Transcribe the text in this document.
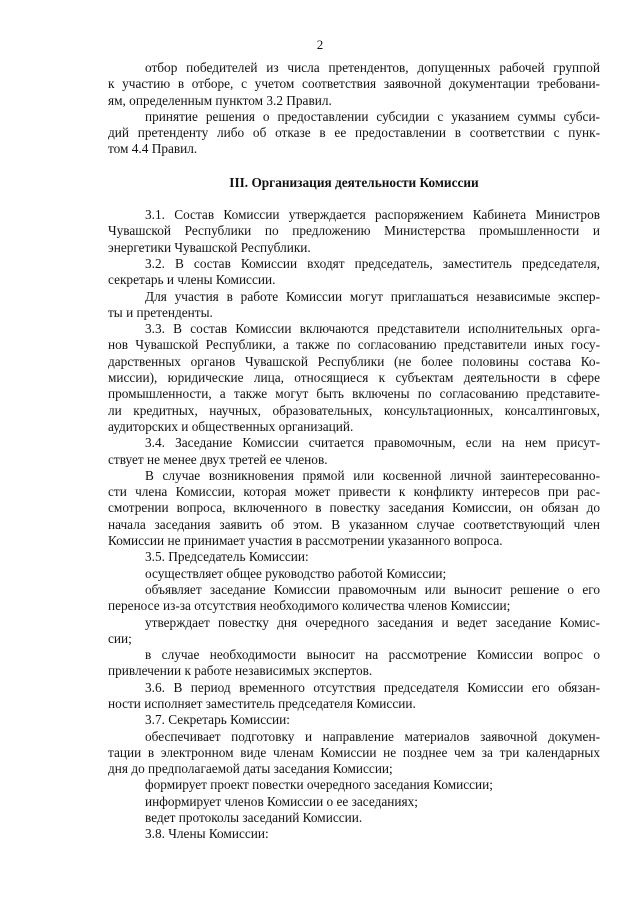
2
отбор победителей из числа претендентов, допущенных рабочей группой
к участию в отборе, с учетом соответствия заявочной документации требовани-
ям, определенным пунктом 3.2 Правил.
принятие решения о предоставлении субсидии с указанием суммы субси-
дий претенденту либо об отказе в ее предоставлении в соответствии с пунк-
том 4.4 Правил.
III. Организация деятельности Комиссии
3.1. Состав Комиссии утверждается распоряжением Кабинета Министров
Чувашской Республики по предложению Министерства промышленности и
энергетики Чувашской Республики.
3.2. В состав Комиссии входят председатель, заместитель председателя,
секретарь и члены Комиссии.
Для участия в работе Комиссии могут приглашаться независимые экспер-
ты и претенденты.
3.3. В состав Комиссии включаются представители исполнительных орга-
нов Чувашской Республики, а также по согласованию представители иных госу-
дарственных органов Чувашской Республики (не более половины состава Ко-
миссии), юридические лица, относящиеся к субъектам деятельности в сфере
промышленности, а также могут быть включены по согласованию представите-
ли кредитных, научных, образовательных, консультационных, консалтинговых,
аудиторских и общественных организаций.
3.4. Заседание Комиссии считается правомочным, если на нем присут-
ствует не менее двух третей ее членов.
В случае возникновения прямой или косвенной личной заинтересованно-
сти члена Комиссии, которая может привести к конфликту интересов при рас-
смотрении вопроса, включенного в повестку заседания Комиссии, он обязан до
начала заседания заявить об этом. В указанном случае соответствующий член
Комиссии не принимает участия в рассмотрении указанного вопроса.
3.5. Председатель Комиссии:
осуществляет общее руководство работой Комиссии;
объявляет заседание Комиссии правомочным или выносит решение о его
переносе из-за отсутствия необходимого количества членов Комиссии;
утверждает повестку дня очередного заседания и ведет заседание Комис-
сии;
в случае необходимости выносит на рассмотрение Комиссии вопрос о
привлечении к работе независимых экспертов.
3.6. В период временного отсутствия председателя Комиссии его обязан-
ности исполняет заместитель председателя Комиссии.
3.7. Секретарь Комиссии:
обеспечивает подготовку и направление материалов заявочной докумен-
тации в электронном виде членам Комиссии не позднее чем за три календарных
дня до предполагаемой даты заседания Комиссии;
формирует проект повестки очередного заседания Комиссии;
информирует членов Комиссии о ее заседаниях;
ведет протоколы заседаний Комиссии.
3.8. Члены Комиссии:
